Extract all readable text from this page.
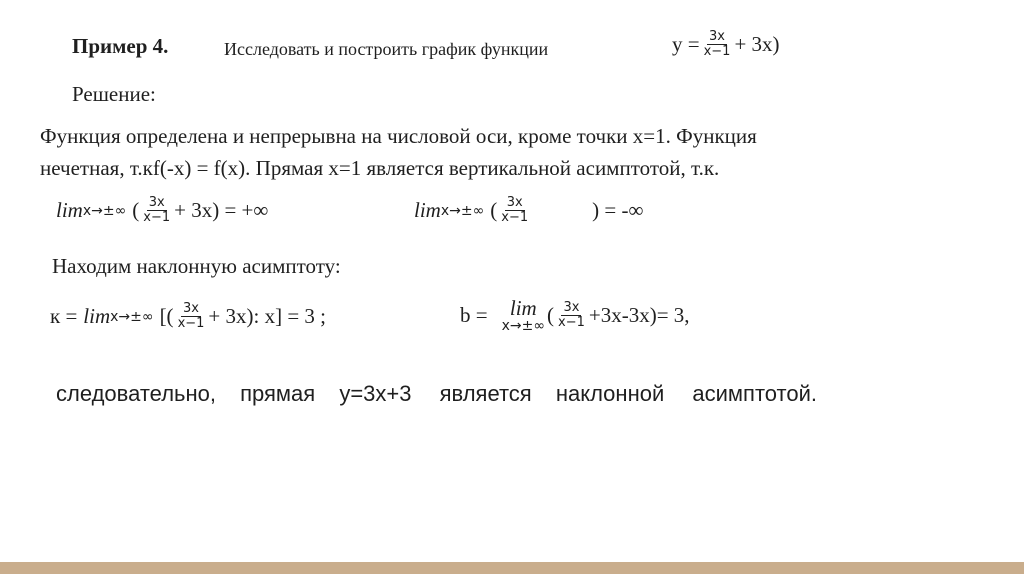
Пример 4.	Исследовать и построить график функции	$y = \frac{3x}{x-1} + 3x$)
Решение:
Функция определена и непрерывна на числовой оси, кроме точки x=1. Функция
нечетная, т.кf(-x) = f(x). Прямая x=1 является вертикальной асимптотой, т.к.
lim x→±∞ ( $\frac{3x}{x-1} + 3x$) = +∞	lim x→±∞ ( $\frac{3x}{x-1}$	) = -∞
Находим наклонную асимптоту:
к = lim x→±∞ [( $\frac{3x}{x-1} + 3x$): x] = 3 ;	b = lim
x→±∞ ( $\frac{3x}{x-1} +3x-3x)= 3$,
следовательно, прямая y=3x+3 является наклонной асимптотой.
